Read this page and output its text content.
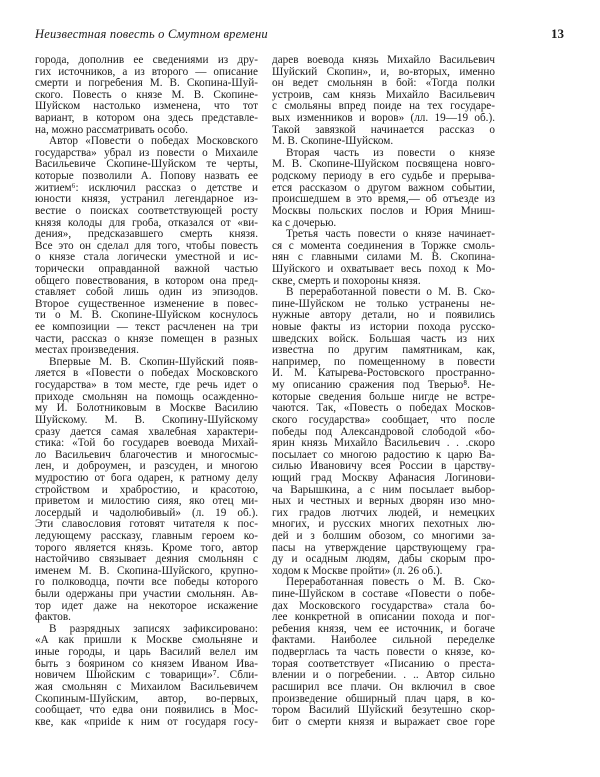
Неизвестная повесть о Смутном времени	13
города, дополнив ее сведениями из дру-
гих источников, а из второго — описание
смерти и погребения М. В. Скопина-Шуй-
ского. Повесть о князе М. В. Скопине-
Шуйском настолько изменена, что тот
вариант, в котором она здесь представле-
на, можно рассматривать особо.
Автор «Повести о победах Московского
государства» убрал из повести о Михаиле
Васильевиче Скопине-Шуйском те черты,
которые позволили А. Попову назвать ее
житием⁶: исключил рассказ о детстве и
юности князя, устранил легендарное из-
вестие о поисках соответствующей росту
князя колоды для гроба, отказался от «ви-
де́ния», предсказавшего смерть князя.
Все это он сделал для того, чтобы повесть
о князе стала логически уместной и ис-
торически оправданной важной частью
общего повествования, в котором она пред-
ставляет собой лишь один из эпизодов.
Второе существенное изменение в повес-
ти о М. В. Скопине-Шуйском коснулось
ее композиции — текст расчленен на три
части, рассказ о князе помещен в разных
местах произведения.
Впервые М. В. Скопин-Шуйский появ-
ляется в «Повести о победах Московского
государства» в том месте, где речь идет о
приходе смольнян на помощь осажденно-
му И. Болотниковым в Москве Василию
Шуйскому. М. В. Скопину-Шуйскому
сразу дается самая хвалебная характери-
стика: «Той бо государев воевода Михай-
ло Васильевич благочестив и многосмыс-
лен, и доброумен, и разсуден, и многою
мудростию от бога одарен, к ратному делу
стройством и храбростию, и красотою,
приветом и милостию сияя, яко отец ми-
лосердый и чадолюбивый» (л. 19 об.).
Эти славословия готовят читателя к пос-
ледующему рассказу, главным героем ко-
торого является князь. Кроме того, автор
настойчиво связывает деяния смольнян с
именем М. В. Скопина-Шуйского, крупно-
го полководца, почти все победы которого
были одержаны при участии смольнян. Ав-
тор идет даже на некоторое искажение
фактов.
В разрядных записях зафиксировано:
«А как пришли к Москве смольняне и
иные городы, и царь Василий велел им
быть з боярином со князем Иваном Ива-
новичем Шюйским с товарищи»⁷. Сбли-
жая смольнян с Михаилом Васильевичем
Скопиным-Шуйским, автор, во-первых,
сообщает, что едва они появились в Мос-
кве, как «приide к ним от государя госу-
дарев воевода князь Михайло Васильевич
Шуйский Скопин», и, во-вторых, именно
он ведет смольнян в бой: «Тогда полки
устроив, сам князь Михайло Васильевич
с смольяны впред поиде на тех государе-
вых изменников и воров» (лл. 19—19 об.).
Такой завязкой начинается рассказ о
М. В. Скопине-Шуйском.
Вторая часть из повести о князе
М. В. Скопине-Шуйском посвящена новго-
родскому периоду в его судьбе и прерыва-
ется рассказом о другом важном событии,
происшедшем в это время,— об отъезде из
Москвы польских послов и Юрия Мниш-
ка с дочерью.
Третья часть повести о князе начинает-
ся с момента соединения в Торжке смоль-
нян с главными силами М. В. Скопина-
Шуйского и охватывает весь поход к Мо-
скве, смерть и похороны князя.
В переработанной повести о М. В. Ско-
пине-Шуйском не только устранены не-
нужные автору детали, но и появились
новые факты из истории похода русско-
шведских войск. Большая часть из них
известна по другим памятникам, как,
например, по помещенному в повести
И. М. Катырева-Ростовского пространно-
му описанию сражения под Тверью⁸. Не-
которые сведения больше нигде не встре-
чаются. Так, «Повесть о победах Москов-
ского государства» сообщает, что после
победы под Александровой слободой «бо-
ярин князь Михайло Васильевич . . .скоро
посылает со многою радостию к царю Ва-
силью Ивановичу всея России в царству-
ющий град Москву Афанасия Логинови-
ча Варышкина, а с ним посылает выбор-
ных и честных и верных дворян изо мно-
гих градов лютчих людей, и немецких
многих, и русских многих пехотных лю-
дей и з болшим обозом, со многими за-
пасы на утверждение царствующему гра-
ду и осадным людям, дабы скорым про-
ходом к Москве пройти» (л. 26 об.).
Переработанная повесть о М. В. Ско-
пине-Шуйском в составе «Повести о побе-
дах Московского государства» стала бо-
лее конкретной в описании похода и пог-
ребения князя, чем ее источник, и богаче
фактами. Наиболее сильной переделке
подверглась та часть повести о князе, ко-
торая соответствует «Писанию о преста-
влении и о погребении. . .. Автор сильно
расширил все плачи. Он включил в свое
произведение обширный плач царя, в ко-
тором Василий Шуйский безутешно скор-
бит о смерти князя и выражает свое горе
